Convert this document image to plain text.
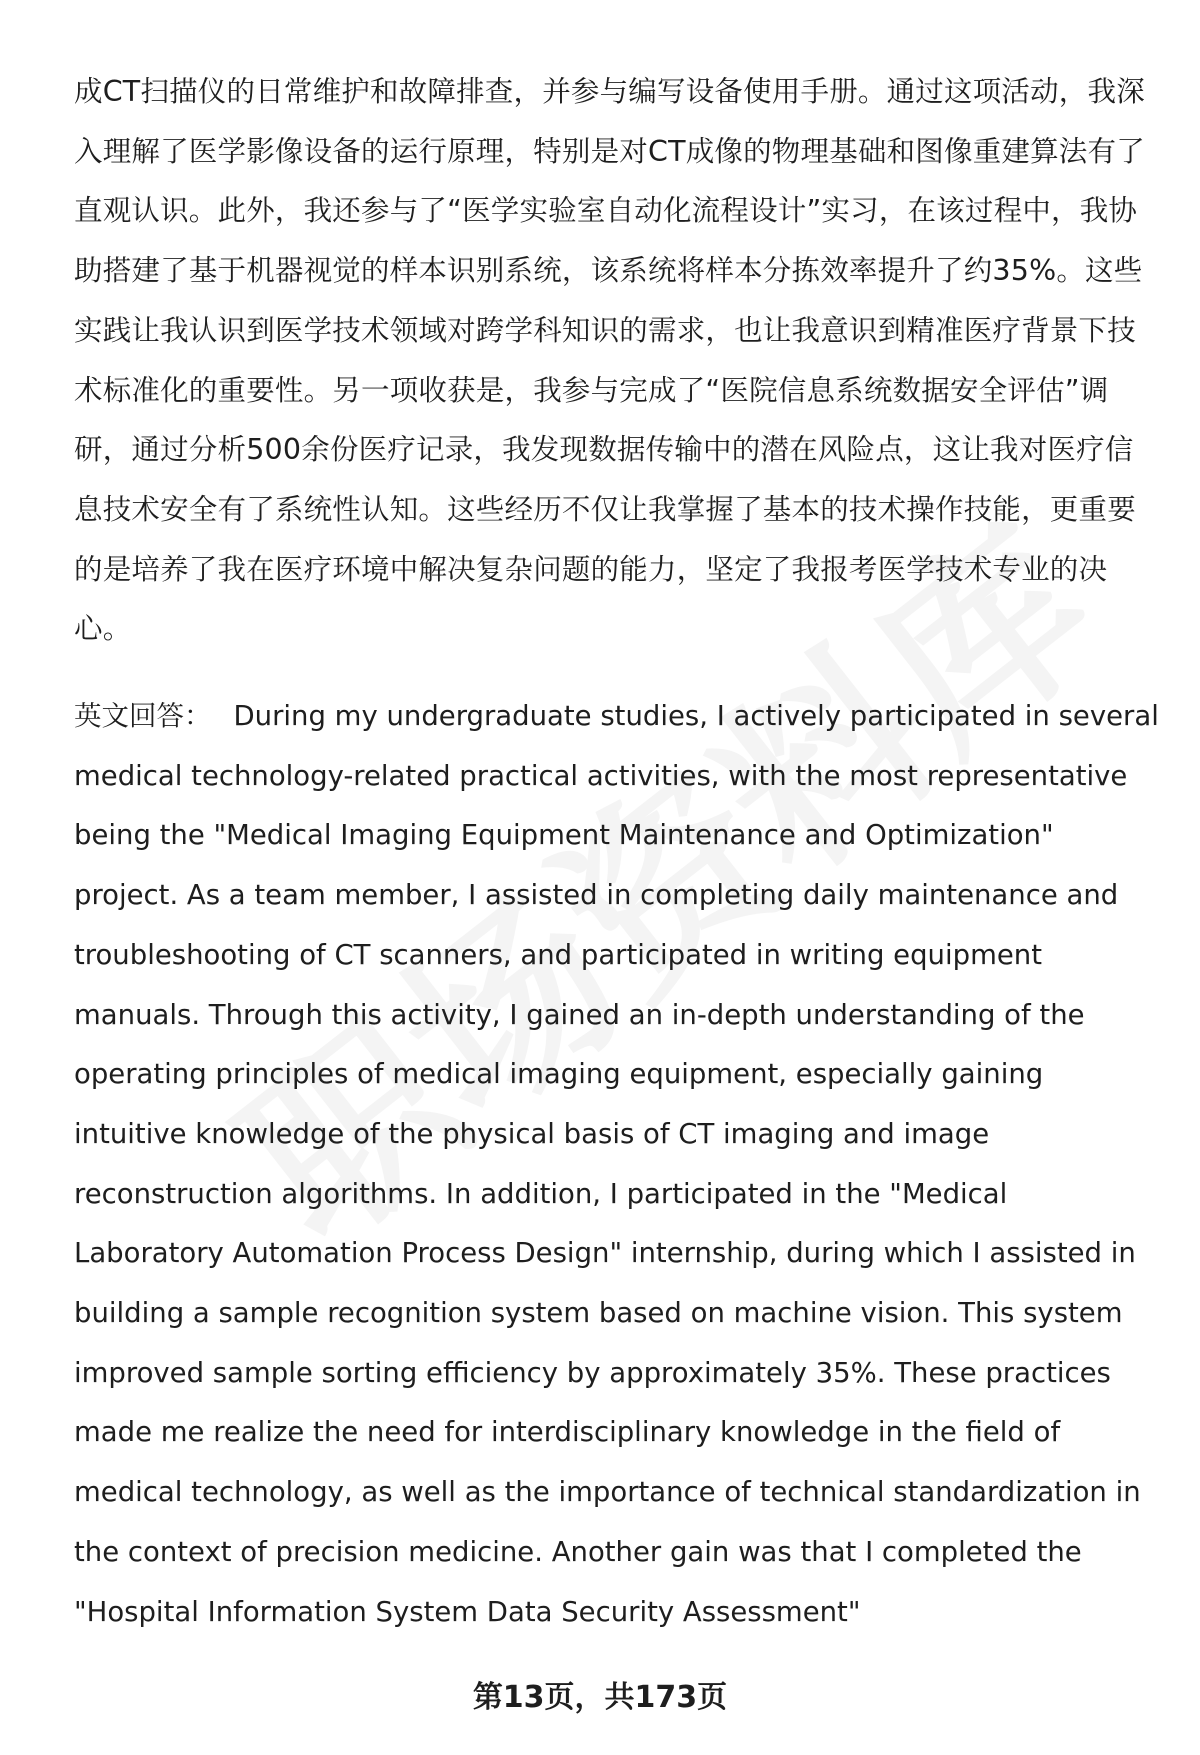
成CT扫描仪的日常维护和故障排查，并参与编写设备使用手册。通过这项活动，我深入理解了医学影像设备的运行原理，特别是对CT成像的物理基础和图像重建算法有了直观认识。此外，我还参与了“医学实验室自动化流程设计”实习，在该过程中，我协助搭建了基于机器视觉的样本识别系统，该系统将样本分拣效率提升了约35%。这些实践让我认识到医学技术领域对跨学科知识的需求，也让我意识到精准医疗背景下技术标准化的重要性。另一项收获是，我参与完成了“医院信息系统数据安全评估”调研，通过分析500余份医疗记录，我发现数据传输中的潜在风险点，这让我对医疗信息技术安全有了系统性认知。这些经历不仅让我掌握了基本的技术操作技能，更重要的是培养了我在医疗环境中解决复杂问题的能力，坚定了我报考医学技术专业的决心。

英文回答： During my undergraduate studies, I actively participated in several medical technology-related practical activities, with the most representative being the "Medical Imaging Equipment Maintenance and Optimization" project. As a team member, I assisted in completing daily maintenance and troubleshooting of CT scanners, and participated in writing equipment manuals. Through this activity, I gained an in-depth understanding of the operating principles of medical imaging equipment, especially gaining intuitive knowledge of the physical basis of CT imaging and image reconstruction algorithms. In addition, I participated in the "Medical Laboratory Automation Process Design" internship, during which I assisted in building a sample recognition system based on machine vision. This system improved sample sorting efficiency by approximately 35%. These practices made me realize the need for interdisciplinary knowledge in the field of medical technology, as well as the importance of technical standardization in the context of precision medicine. Another gain was that I completed the "Hospital Information System Data Security Assessment"

第13页，共173页
